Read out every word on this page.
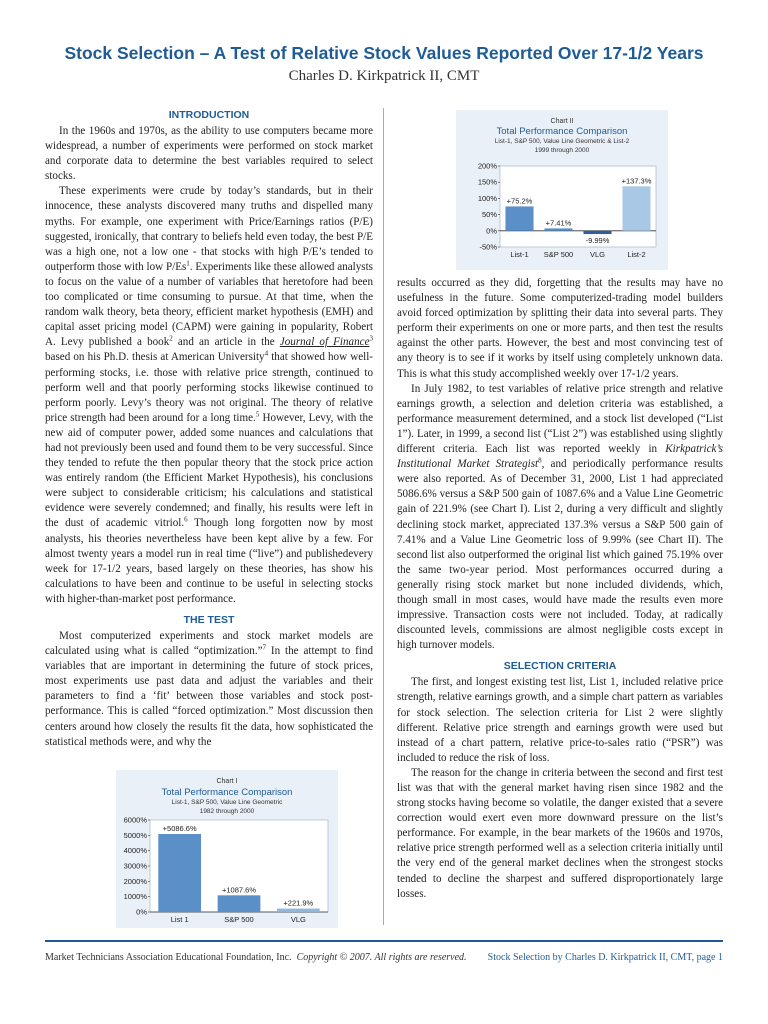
Stock Selection – A Test of Relative Stock Values Reported Over 17-1/2 Years
Charles D. Kirkpatrick II, CMT
INTRODUCTION

In the 1960s and 1970s, as the ability to use computers became more widespread, a number of experiments were performed on stock market and corporate data to determine the best variables required to select stocks.

These experiments were crude by today’s standards, but in their innocence, these analysts discovered many truths and dispelled many myths. For example, one experiment with Price/Earnings ratios (P/E) suggested, ironically, that contrary to beliefs held even today, the best P/E was a high one, not a low one - that stocks with high P/E’s tended to outperform those with low P/Es$^1$. Experiments like these allowed analysts to focus on the value of a number of variables that heretofore had been too complicated or time consuming to pursue. At that time, when the random walk theory, beta theory, efficient market hypothesis (EMH) and capital asset pricing model (CAPM) were gaining in popularity, Robert A. Levy published a book$^2$ and an article in the Journal of Finance$^3$ based on his Ph.D. thesis at American University$^4$ that showed how well-performing stocks, i.e. those with relative price strength, continued to perform well and that poorly performing stocks likewise continued to perform poorly. Levy’s theory was not original. The theory of relative price strength had been around for a long time.$^5$ However, Levy, with the new aid of computer power, added some nuances and calculations that had not previously been used and found them to be very successful. Since they tended to refute the then popular theory that the stock price action was entirely random (the Efficient Market Hypothesis), his conclusions were subject to considerable criticism; his calculations and statistical evidence were severely condemned; and finally, his results were left in the dust of academic vitriol.$^6$ Though long forgotten now by most analysts, his theories nevertheless have been kept alive by a few. For almost twenty years a model run in real time (“live”) and publishedevery week for 17-1/2 years, based largely on these theories, has show his calculations to have been and continue to be useful in selecting stocks with higher-than-market post performance.

THE TEST

Most computerized experiments and stock market models are calculated using what is called “optimization.”$^7$ In the attempt to find variables that are important in determining the future of stock prices, most experiments use past data and adjust the variables and their parameters to find a ‘fit’ between those variables and stock post-performance. This is called “forced optimization.” Most discussion then centers around how closely the results fit the data, how sophisticated the statistical methods were, and why the

results occurred as they did, forgetting that the results may have no usefulness in the future. Some computerized-trading model builders avoid forced optimization by splitting their data into several parts. They perform their experiments on one or more parts, and then test the results against the other parts. However, the best and most convincing test of any theory is to see if it works by itself using completely unknown data. This is what this study accomplished weekly over 17-1/2 years.

In July 1982, to test variables of relative price strength and relative earnings growth, a selection and deletion criteria was established, a performance measurement determined, and a stock list developed (“List 1”). Later, in 1999, a second list (“List 2”) was established using slightly different criteria. Each list was reported weekly in Kirkpatrick’s Institutional Market Strategist$^8$, and periodically performance results were also reported. As of December 31, 2000, List 1 had appreciated 5086.6% versus a S&P 500 gain of 1087.6% and a Value Line Geometric gain of 221.9% (see Chart I). List 2, during a very difficult and slightly declining stock market, appreciated 137.3% versus a S&P 500 gain of 7.41% and a Value Line Geometric loss of 9.99% (see Chart II). The second list also outperformed the original list which gained 75.19% over the same two-year period. Most performances occurred during a generally rising stock market but none included dividends, which, though small in most cases, would have made the results even more impressive. Transaction costs were not included. Today, at radically discounted levels, commissions are almost negligible costs except in high turnover models.

SELECTION CRITERIA

The first, and longest existing test list, List 1, included relative price strength, relative earnings growth, and a simple chart pattern as variables for stock selection. The selection criteria for List 2 were slightly different. Relative price strength and earnings growth were used but instead of a chart pattern, relative price-to-sales ratio (“PSR”) was included to reduce the risk of loss.

The reason for the change in criteria between the second and first test list was that with the general market having risen since 1982 and the strong stocks having become so volatile, the danger existed that a severe correction would exert even more downward pressure on the list’s performance. For example, in the bear markets of the 1960s and 1970s, relative price strength performed well as a selection criteria initially until the very end of the general market declines when the strongest stocks tended to decline the sharpest and suffered disproportionately large losses.

Chart I
Total Performance Comparison
List-1, S&P 500, Value Line Geometric
1982 through 2000
0%
1000%
2000%
3000%
4000%
5000%
6000%
+5086.6%
List 1
+1087.6%
S&P 500
+221.9%
VLG
Chart II
Total Performance Comparison
List-1, S&P 500, Value Line Geometric & List-2
1999 through 2000
-50%
0%
50%
100%
150%
200%
+75.2%
List-1
+7.41%
S&P 500
-9.99%
VLG
+137.3%
List-2
Market Technicians Association Educational Foundation, Inc. Copyright © 2007. All rights are reserved. Stock Selection by Charles D. Kirkpatrick II, CMT, page 1
